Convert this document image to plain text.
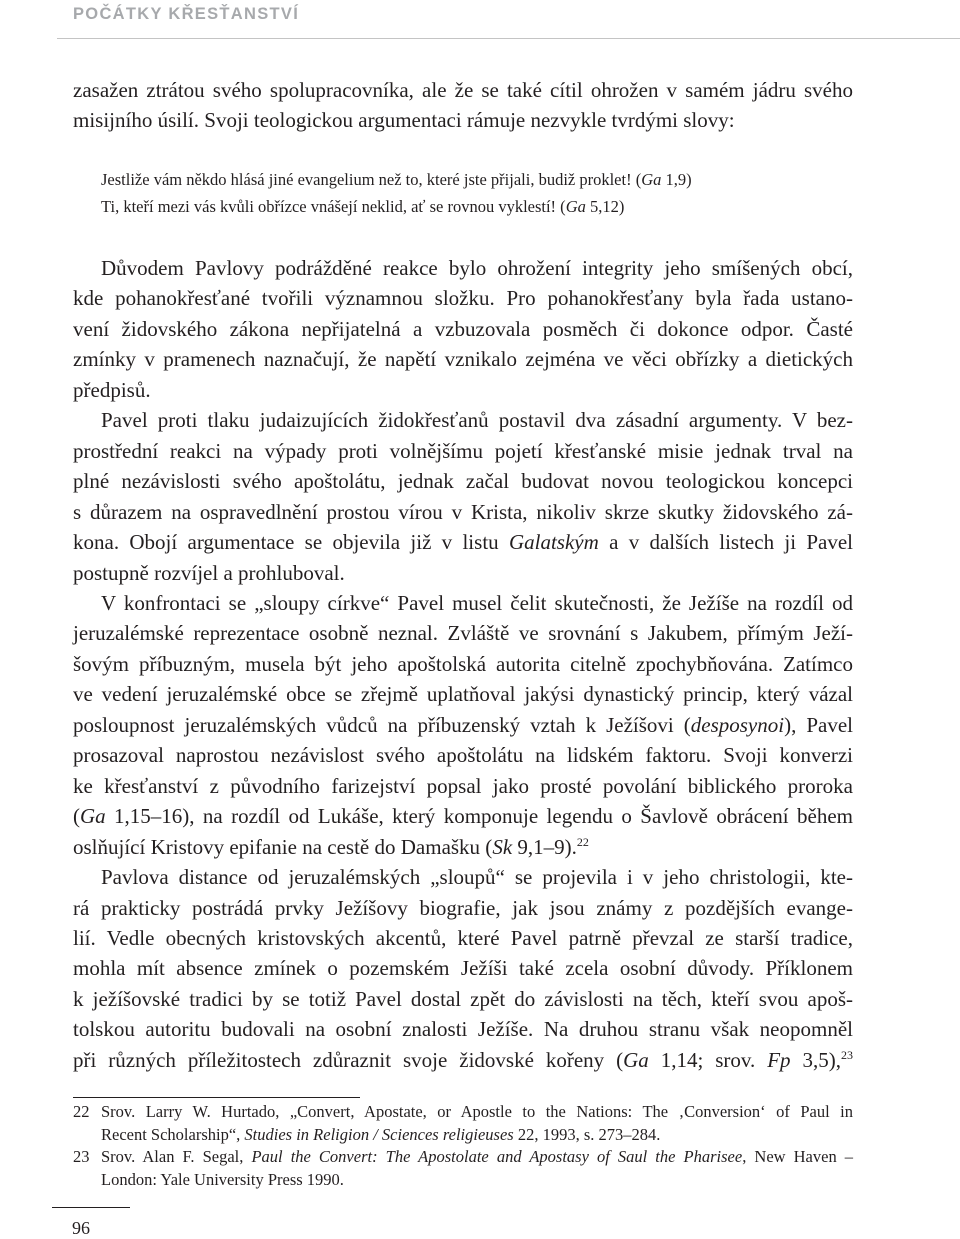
POČÁTKY KŘESŤANSTVÍ
zasažen ztrátou svého spolupracovníka, ale že se také cítil ohrožen v samém jádru svého
misijního úsilí. Svoji teologickou argumentaci rámuje nezvykle tvrdými slovy:
Jestliže vám někdo hlásá jiné evangelium než to, které jste přijali, budiž proklet! (Ga 1,9)
Ti, kteří mezi vás kvůli obřízce vnášejí neklid, ať se rovnou vyklestí! (Ga 5,12)
Důvodem Pavlovy podrážděné reakce bylo ohrožení integrity jeho smíšených obcí,
kde pohanokřesťané tvořili významnou složku. Pro pohanokřesťany byla řada ustano-
vení židovského zákona nepřijatelná a vzbuzovala posměch či dokonce odpor. Časté
zmínky v pramenech naznačují, že napětí vznikalo zejména ve věci obřízky a dietických
předpisů.
Pavel proti tlaku judaizujících židokřesťanů postavil dva zásadní argumenty. V bez-
prostřední reakci na výpady proti volnějšímu pojetí křesťanské misie jednak trval na
plné nezávislosti svého apoštolátu, jednak začal budovat novou teologickou koncepci
s důrazem na ospravedlnění prostou vírou v Krista, nikoliv skrze skutky židovského zá-
kona. Obojí argumentace se objevila již v listu Galatským a v dalších listech ji Pavel
postupně rozvíjel a prohluboval.
V konfrontaci se „sloupy církve“ Pavel musel čelit skutečnosti, že Ježíše na rozdíl od
jeruzalémské reprezentace osobně neznal. Zvláště ve srovnání s Jakubem, přímým Ježí-
šovým příbuzným, musela být jeho apoštolská autorita citelně zpochybňována. Zatímco
ve vedení jeruzalémské obce se zřejmě uplatňoval jakýsi dynastický princip, který vázal
posloupnost jeruzalémských vůdců na příbuzenský vztah k Ježíšovi (desposynoi), Pavel
prosazoval naprostou nezávislost svého apoštolátu na lidském faktoru. Svoji konverzi
ke křesťanství z původního farizejství popsal jako prosté povolání biblického proroka
(Ga 1,15–16), na rozdíl od Lukáše, který komponuje legendu o Šavlově obrácení během
oslňující Kristovy epifanie na cestě do Damašku (Sk 9,1–9).$^{22}$
Pavlova distance od jeruzalémských „sloupů“ se projevila i v jeho christologii, kte-
rá prakticky postrádá prvky Ježíšovy biografie, jak jsou známy z pozdějších evange-
lií. Vedle obecných kristovských akcentů, které Pavel patrně převzal ze starší tradice,
mohla mít absence zmínek o pozemském Ježíši také zcela osobní důvody. Příklonem
k ježíšovské tradici by se totiž Pavel dostal zpět do závislosti na těch, kteří svou apoš-
tolskou autoritu budovali na osobní znalosti Ježíše. Na druhou stranu však neopomněl
při různých příležitostech zdůraznit svoje židovské kořeny (Ga 1,14; srov. Fp 3,5),$^{23}$
22 Srov. Larry W. Hurtado, „Convert, Apostate, or Apostle to the Nations: The ‚Conversion‘ of Paul in
Recent Scholarship“, Studies in Religion / Sciences religieuses 22, 1993, s. 273–284.
23 Srov. Alan F. Segal, Paul the Convert: The Apostolate and Apostasy of Saul the Pharisee, New Haven –
London: Yale University Press 1990.
96
